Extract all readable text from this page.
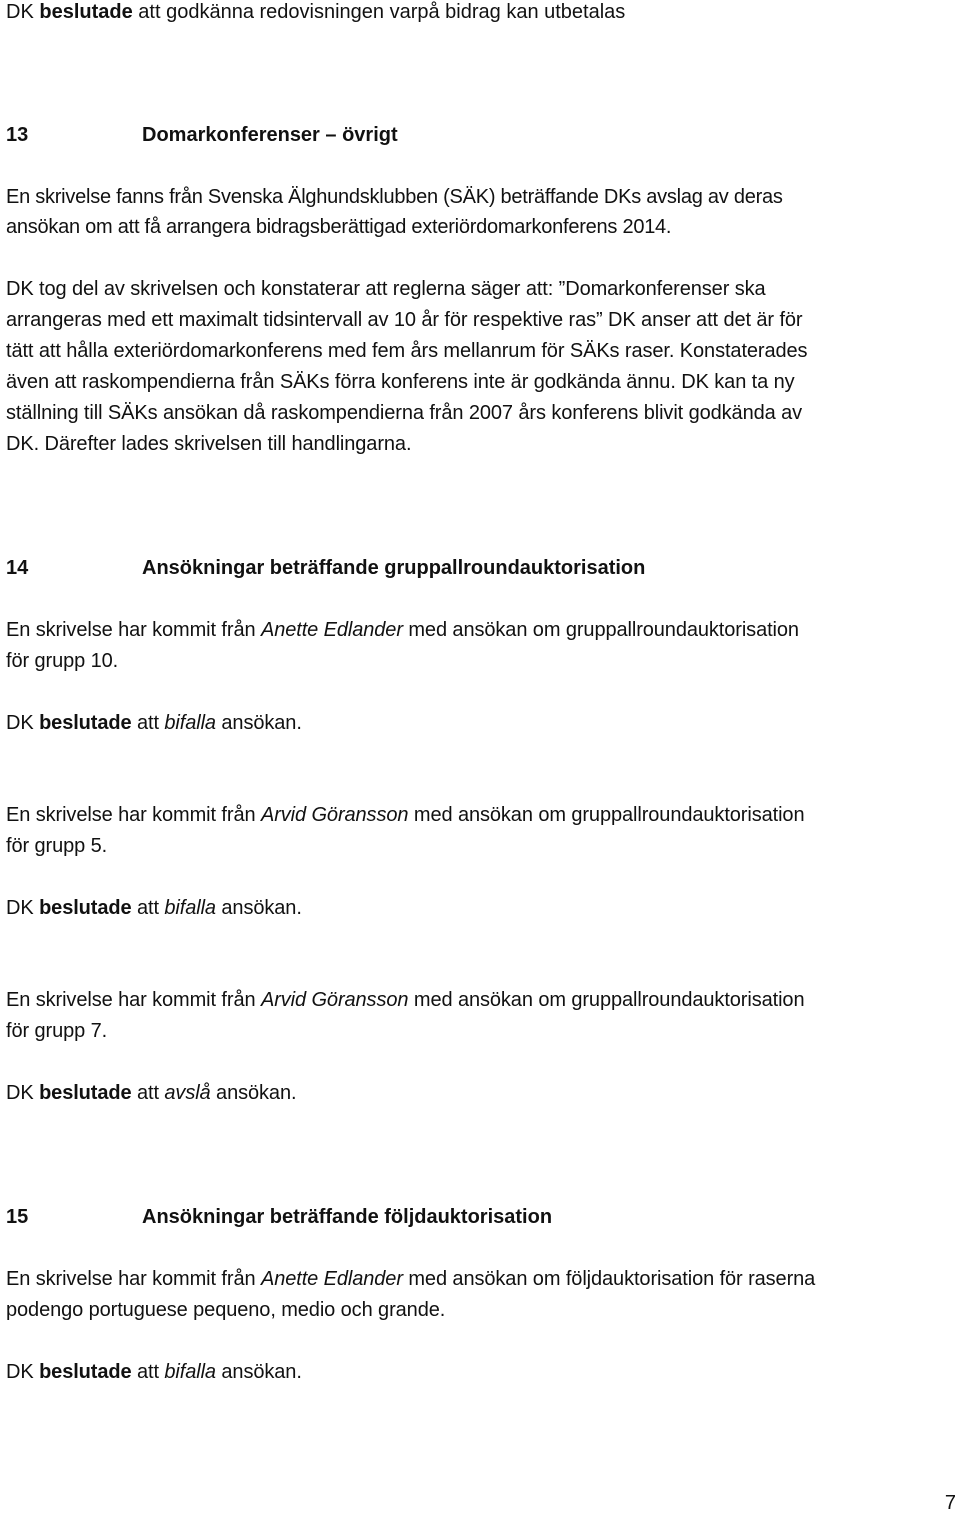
DK beslutade att godkänna redovisningen varpå bidrag kan utbetalas
13	Domarkonferenser – övrigt
En skrivelse fanns från Svenska Älghundsklubben (SÄK) beträffande DKs avslag av deras
ansökan om att få arrangera bidragsberättigad exteriördomarkonferens 2014.
DK tog del av skrivelsen och konstaterar att reglerna säger att: ”Domarkonferenser ska
arrangeras med ett maximalt tidsintervall av 10 år för respektive ras” DK anser att det är för
tätt att hålla exteriördomarkonferens med fem års mellanrum för SÄKs raser. Konstaterades
även att raskompendierna från SÄKs förra konferens inte är godkända ännu. DK kan ta ny
ställning till SÄKs ansökan då raskompendierna från 2007 års konferens blivit godkända av
DK. Därefter lades skrivelsen till handlingarna.
14	Ansökningar beträffande gruppallroundauktorisation
En skrivelse har kommit från Anette Edlander med ansökan om gruppallroundauktorisation
för grupp 10.
DK beslutade att bifalla ansökan.
En skrivelse har kommit från Arvid Göransson med ansökan om gruppallroundauktorisation
för grupp 5.
DK beslutade att bifalla ansökan.
En skrivelse har kommit från Arvid Göransson med ansökan om gruppallroundauktorisation
för grupp 7.
DK beslutade att avslå ansökan.
15	Ansökningar beträffande följdauktorisation
En skrivelse har kommit från Anette Edlander med ansökan om följdauktorisation för raserna
podengo portuguese pequeno, medio och grande.
DK beslutade att bifalla ansökan.
7
